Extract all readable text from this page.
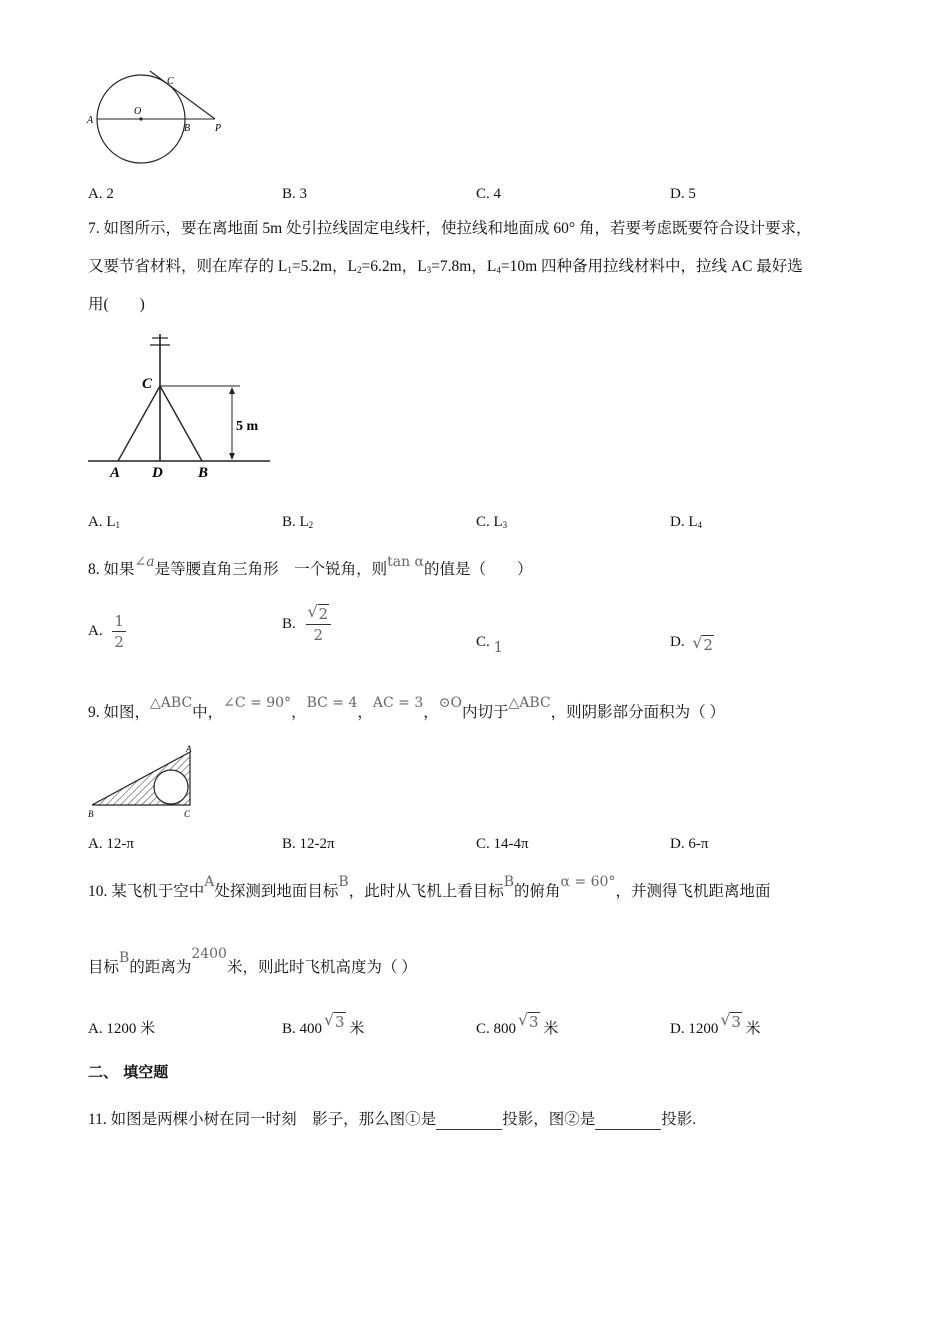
A
O
B
C
P
A. 2	B. 3	C. 4	D. 5
7. 如图所示，要在离地面 5m 处引拉线固定电线杆，使拉线和地面成 60° 角，若要考虑既要符合设计要求，
又要节省材料，则在库存的 $L_1=5.2m$，$L_2=6.2m$，$L_3=7.8m$，$L_4=10m$ 四种备用拉线材料中，拉线 AC 最好选
用(　　)
C
A D B
5 m
A. $L_1$	B. $L_2$	C. $L_3$	D. $L_4$
8. 如果∠a是等腰直角三角形　一个锐角，则tan α的值是（　　）
A. $\frac{1}{2}$	B. $\frac{√ 2}{2}$	C. 1	D. √ 2
9. 如图，△ABC中，∠C = 90°，BC = 4，AC = 3，⊙O内切于△ABC，则阴影部分面积为（ ）
A
B	C
A. 12-π	B. 12-2π	C. 14-4π	D. 6-π
10. 某飞机于空中A处探测到地面目标B，此时从飞机上看目标B的俯角α = 60°，并测得飞机距离地面
目标B的距离为2400米，则此时飞机高度为（ ）
A. 1200 米	B. 400 √ 3 米	C. 800 √ 3 米	D. 1200 √ 3 米
二、 填空题
11. 如图是两棵小树在同一时刻　影子，那么图①是	投影，图②是	投影.
